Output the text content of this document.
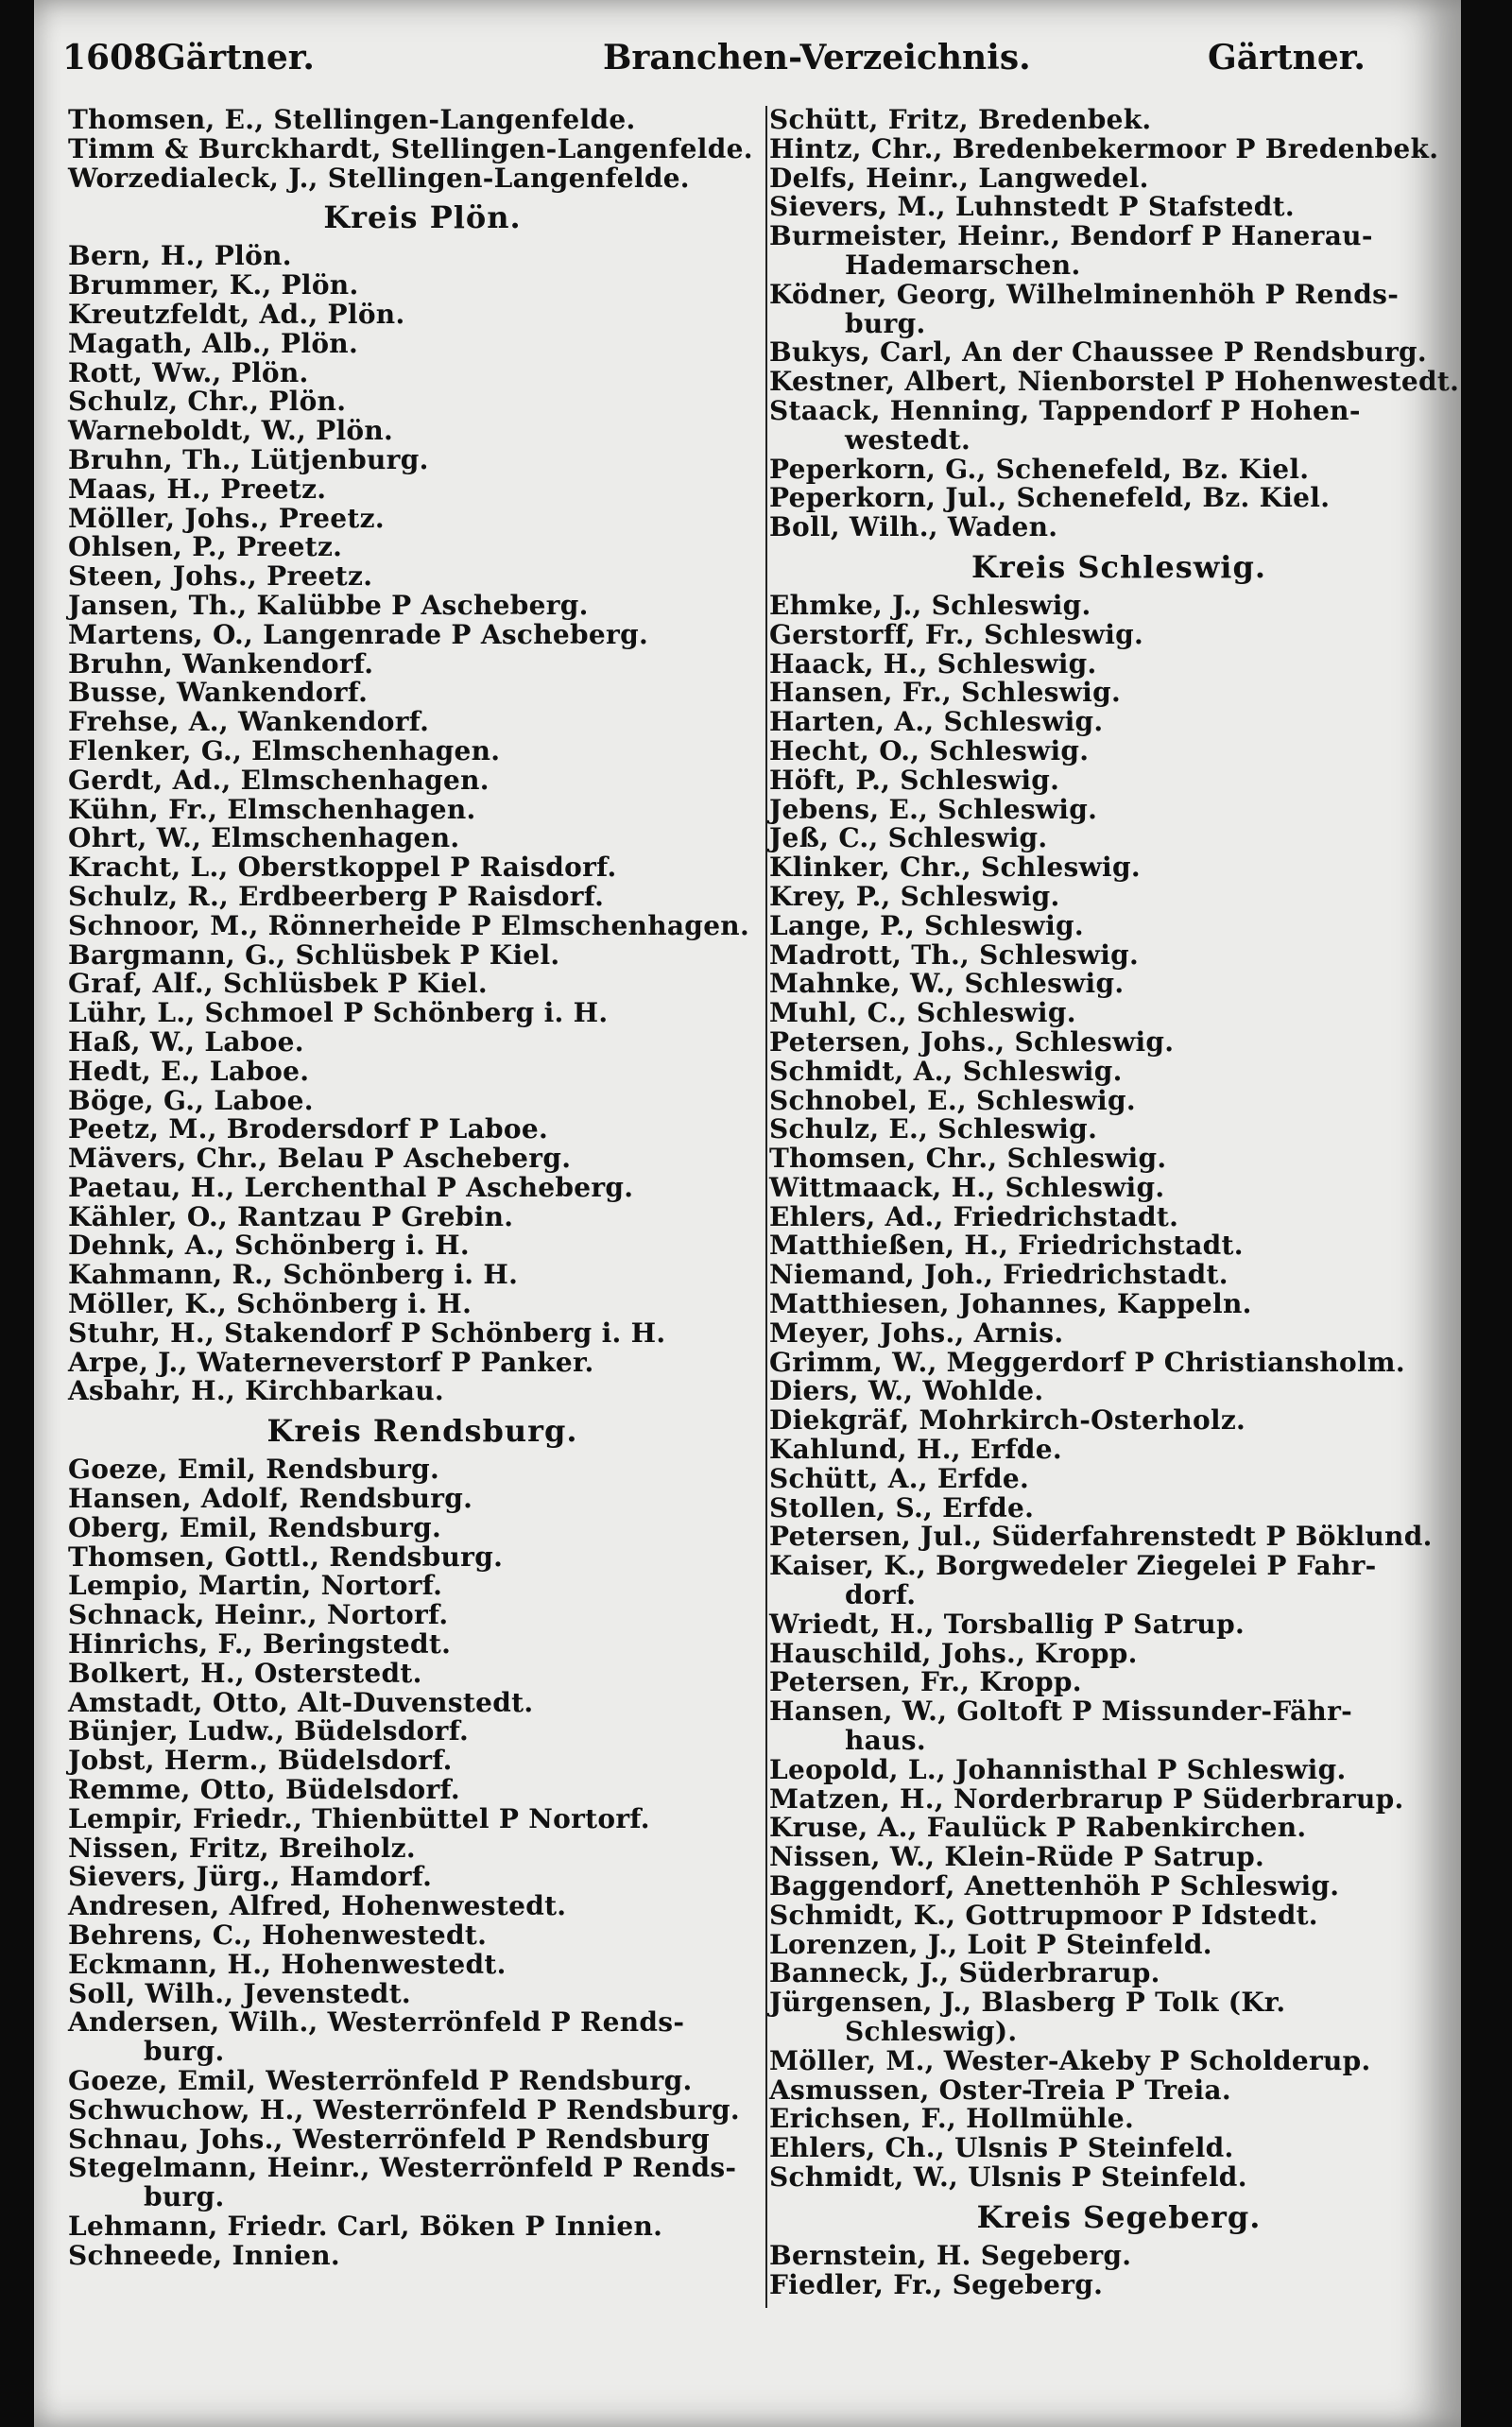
1608 Gärtner.	Branchen-Verzeichnis.	Gärtner.
Thomsen, E., Stellingen-Langenfelde.
Timm & Burckhardt, Stellingen-Langenfelde.
Worzedialeck, J., Stellingen-Langenfelde.
Kreis Plön.
Bern, H., Plön.
Brummer, K., Plön.
Kreutzfeldt, Ad., Plön.
Magath, Alb., Plön.
Rott, Ww., Plön.
Schulz, Chr., Plön.
Warneboldt, W., Plön.
Bruhn, Th., Lütjenburg.
Maas, H., Preetz.
Möller, Johs., Preetz.
Ohlsen, P., Preetz.
Steen, Johs., Preetz.
Jansen, Th., Kalübbe P Ascheberg.
Martens, O., Langenrade P Ascheberg.
Bruhn, Wankendorf.
Busse, Wankendorf.
Frehse, A., Wankendorf.
Flenker, G., Elmschenhagen.
Gerdt, Ad., Elmschenhagen.
Kühn, Fr., Elmschenhagen.
Ohrt, W., Elmschenhagen.
Kracht, L., Oberstkoppel P Raisdorf.
Schulz, R., Erdbeerberg P Raisdorf.
Schnoor, M., Rönnerheide P Elmschenhagen.
Bargmann, G., Schlüsbek P Kiel.
Graf, Alf., Schlüsbek P Kiel.
Lühr, L., Schmoel P Schönberg i. H.
Haß, W., Laboe.
Hedt, E., Laboe.
Böge, G., Laboe.
Peetz, M., Brodersdorf P Laboe.
Mävers, Chr., Belau P Ascheberg.
Paetau, H., Lerchenthal P Ascheberg.
Kähler, O., Rantzau P Grebin.
Dehnk, A., Schönberg i. H.
Kahmann, R., Schönberg i. H.
Möller, K., Schönberg i. H.
Stuhr, H., Stakendorf P Schönberg i. H.
Arpe, J., Waterneverstorf P Panker.
Asbahr, H., Kirchbarkau.
Kreis Rendsburg.
Goeze, Emil, Rendsburg.
Hansen, Adolf, Rendsburg.
Oberg, Emil, Rendsburg.
Thomsen, Gottl., Rendsburg.
Lempio, Martin, Nortorf.
Schnack, Heinr., Nortorf.
Hinrichs, F., Beringstedt.
Bolkert, H., Osterstedt.
Amstadt, Otto, Alt-Duvenstedt.
Bünjer, Ludw., Büdelsdorf.
Jobst, Herm., Büdelsdorf.
Remme, Otto, Büdelsdorf.
Lempir, Friedr., Thienbüttel P Nortorf.
Nissen, Fritz, Breiholz.
Sievers, Jürg., Hamdorf.
Andresen, Alfred, Hohenwestedt.
Behrens, C., Hohenwestedt.
Eckmann, H., Hohenwestedt.
Soll, Wilh., Jevenstedt.
Andersen, Wilh., Westerrönfeld P Rends-
burg.
Goeze, Emil, Westerrönfeld P Rendsburg.
Schwuchow, H., Westerrönfeld P Rendsburg.
Schnau, Johs., Westerrönfeld P Rendsburg
Stegelmann, Heinr., Westerrönfeld P Rends-
burg.
Lehmann, Friedr. Carl, Böken P Innien.
Schneede, Innien.
Schütt, Fritz, Bredenbek.
Hintz, Chr., Bredenbekermoor P Bredenbek.
Delfs, Heinr., Langwedel.
Sievers, M., Luhnstedt P Stafstedt.
Burmeister, Heinr., Bendorf P Hanerau-
Hademarschen.
Ködner, Georg, Wilhelminenhöh P Rends-
burg.
Bukys, Carl, An der Chaussee P Rendsburg.
Kestner, Albert, Nienborstel P Hohenwestedt.
Staack, Henning, Tappendorf P Hohen-
westedt.
Peperkorn, G., Schenefeld, Bz. Kiel.
Peperkorn, Jul., Schenefeld, Bz. Kiel.
Boll, Wilh., Waden.
Kreis Schleswig.
Ehmke, J., Schleswig.
Gerstorff, Fr., Schleswig.
Haack, H., Schleswig.
Hansen, Fr., Schleswig.
Harten, A., Schleswig.
Hecht, O., Schleswig.
Höft, P., Schleswig.
Jebens, E., Schleswig.
Jeß, C., Schleswig.
Klinker, Chr., Schleswig.
Krey, P., Schleswig.
Lange, P., Schleswig.
Madrott, Th., Schleswig.
Mahnke, W., Schleswig.
Muhl, C., Schleswig.
Petersen, Johs., Schleswig.
Schmidt, A., Schleswig.
Schnobel, E., Schleswig.
Schulz, E., Schleswig.
Thomsen, Chr., Schleswig.
Wittmaack, H., Schleswig.
Ehlers, Ad., Friedrichstadt.
Matthießen, H., Friedrichstadt.
Niemand, Joh., Friedrichstadt.
Matthiesen, Johannes, Kappeln.
Meyer, Johs., Arnis.
Grimm, W., Meggerdorf P Christiansholm.
Diers, W., Wohlde.
Diekgräf, Mohrkirch-Osterholz.
Kahlund, H., Erfde.
Schütt, A., Erfde.
Stollen, S., Erfde.
Petersen, Jul., Süderfahrenstedt P Böklund.
Kaiser, K., Borgwedeler Ziegelei P Fahr-
dorf.
Wriedt, H., Torsballig P Satrup.
Hauschild, Johs., Kropp.
Petersen, Fr., Kropp.
Hansen, W., Goltoft P Missunder-Fähr-
haus.
Leopold, L., Johannisthal P Schleswig.
Matzen, H., Norderbrarup P Süderbrarup.
Kruse, A., Faulück P Rabenkirchen.
Nissen, W., Klein-Rüde P Satrup.
Baggendorf, Anettenhöh P Schleswig.
Schmidt, K., Gottrupmoor P Idstedt.
Lorenzen, J., Loit P Steinfeld.
Banneck, J., Süderbrarup.
Jürgensen, J., Blasberg P Tolk (Kr.
Schleswig).
Möller, M., Wester-Akeby P Scholderup.
Asmussen, Oster-Treia P Treia.
Erichsen, F., Hollmühle.
Ehlers, Ch., Ulsnis P Steinfeld.
Schmidt, W., Ulsnis P Steinfeld.
Kreis Segeberg.
Bernstein, H. Segeberg.
Fiedler, Fr., Segeberg.
